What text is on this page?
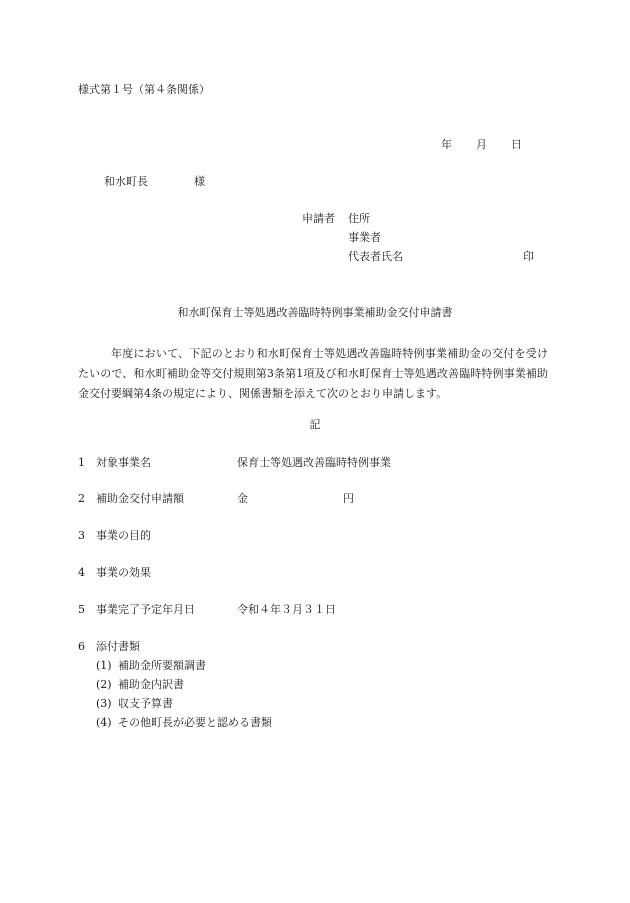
様式第１号（第４条関係）
年 月 日
和水町長	様
申請者 住所
事業者
代表者氏名	印
和水町保育士等処遇改善臨時特例事業補助金交付申請書
年度において、下記のとおり和水町保育士等処遇改善臨時特例事業補助金の交付を受けたいので、和水町補助金等交付規則第3条第1項及び和水町保育士等処遇改善臨時特例事業補助金交付要綱第4条の規定により、関係書類を添えて次のとおり申請します。
記
1 対象事業名	保育士等処遇改善臨時特例事業
2 補助金交付申請額	金	円
3 事業の目的
4 事業の効果
5 事業完了予定年月日	令和４年３月３１日
6 添付書類
(1) 補助金所要額調書
(2) 補助金内訳書
(3) 収支予算書
(4) その他町長が必要と認める書類
